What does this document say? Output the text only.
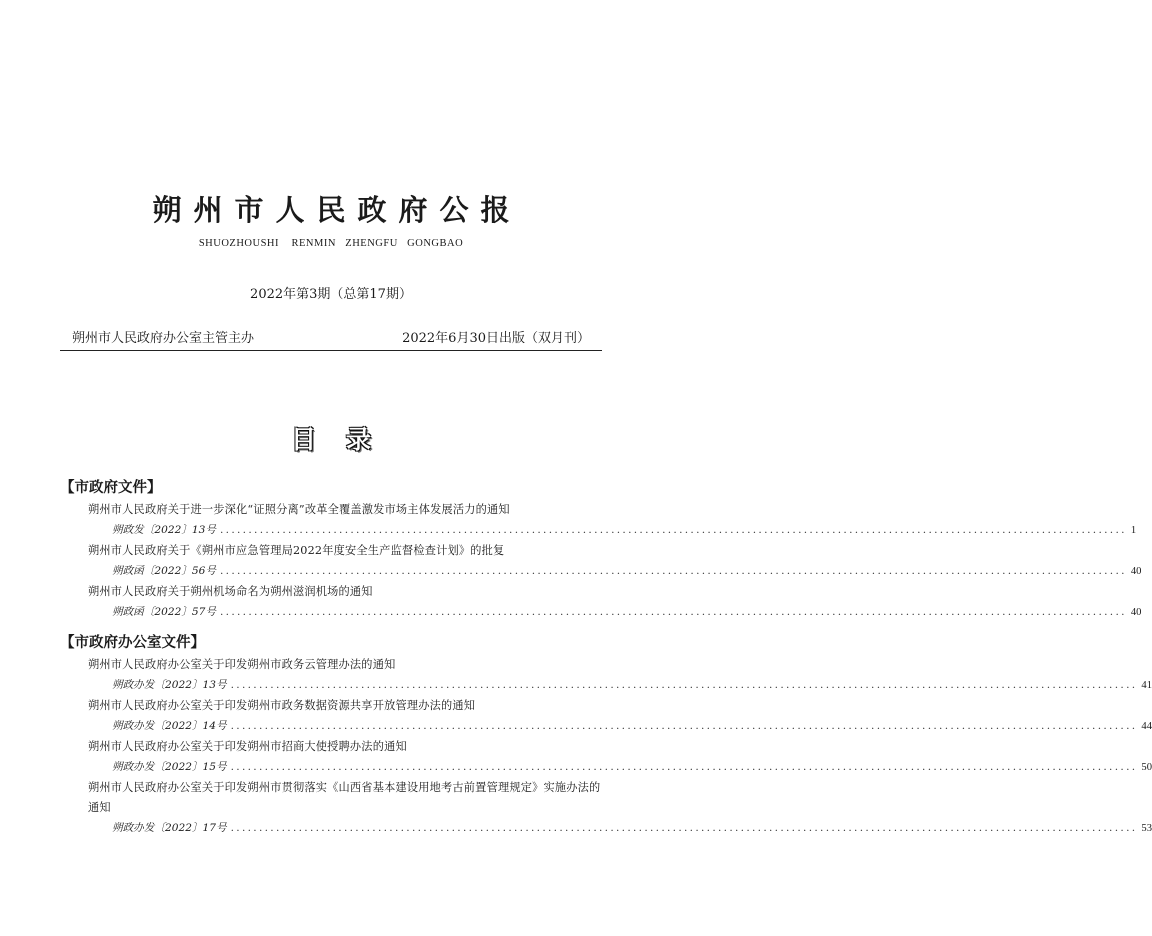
朔州市人民政府公报
SHUOZHOUSHI    RENMIN   ZHENGFU   GONGBAO
2022年第3期（总第17期）
朔州市人民政府办公室主管主办	2022年6月30日出版（双月刊）
目录
【市政府文件】
朔州市人民政府关于进一步深化“证照分离”改革全覆盖激发市场主体发展活力的通知
朔政发〔2022〕13号 ................................................................................................................................................................ 1
朔州市人民政府关于《朔州市应急管理局2022年度安全生产监督检查计划》的批复
朔政函〔2022〕56号 ................................................................................................................................................................ 40
朔州市人民政府关于朔州机场命名为朔州滋润机场的通知
朔政函〔2022〕57号 ................................................................................................................................................................ 40
【市政府办公室文件】
朔州市人民政府办公室关于印发朔州市政务云管理办法的通知
朔政办发〔2022〕13号 ................................................................................................................................................................ 41
朔州市人民政府办公室关于印发朔州市政务数据资源共享开放管理办法的通知
朔政办发〔2022〕14号 ................................................................................................................................................................ 44
朔州市人民政府办公室关于印发朔州市招商大使授聘办法的通知
朔政办发〔2022〕15号 ................................................................................................................................................................ 50
朔州市人民政府办公室关于印发朔州市贯彻落实《山西省基本建设用地考古前置管理规定》实施办法的通知
朔政办发〔2022〕17号 ................................................................................................................................................................ 53
